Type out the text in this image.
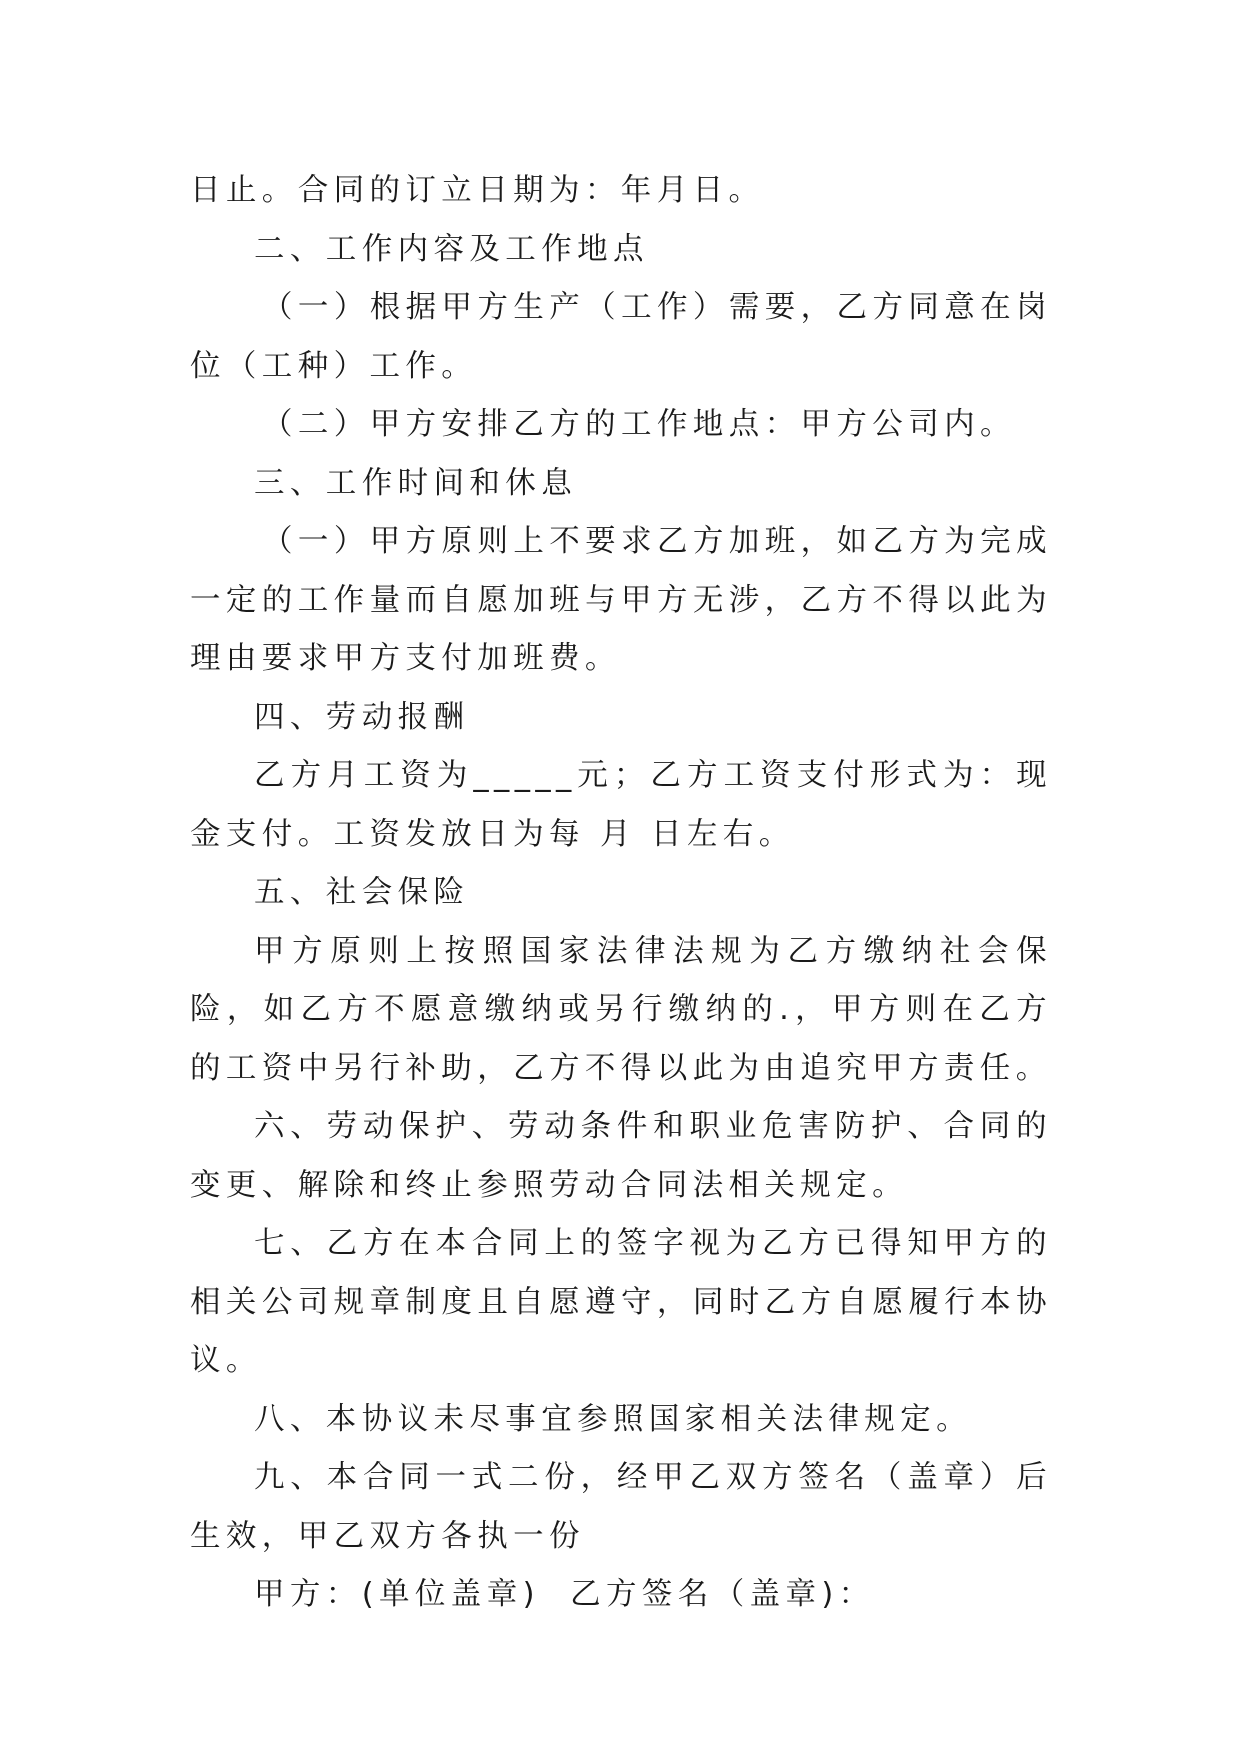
日止。合同的订立日期为：年月日。

二、工作内容及工作地点

（一）根据甲方生产（工作）需要，乙方同意在岗位（工种）工作。

（二）甲方安排乙方的工作地点：甲方公司内。

三、工作时间和休息

（一）甲方原则上不要求乙方加班，如乙方为完成一定的工作量而自愿加班与甲方无涉，乙方不得以此为理由要求甲方支付加班费。

四、劳动报酬

乙方月工资为_____元；乙方工资支付形式为：现金支付。工资发放日为每 月 日左右。

五、社会保险

甲方原则上按照国家法律法规为乙方缴纳社会保险，如乙方不愿意缴纳或另行缴纳的.，甲方则在乙方的工资中另行补助，乙方不得以此为由追究甲方责任。

六、劳动保护、劳动条件和职业危害防护、合同的变更、解除和终止参照劳动合同法相关规定。

七、乙方在本合同上的签字视为乙方已得知甲方的相关公司规章制度且自愿遵守，同时乙方自愿履行本协议。

八、本协议未尽事宜参照国家相关法律规定。

九、本合同一式二份，经甲乙双方签名（盖章）后生效，甲乙双方各执一份

甲方：(单位盖章)  乙方签名（盖章)：
